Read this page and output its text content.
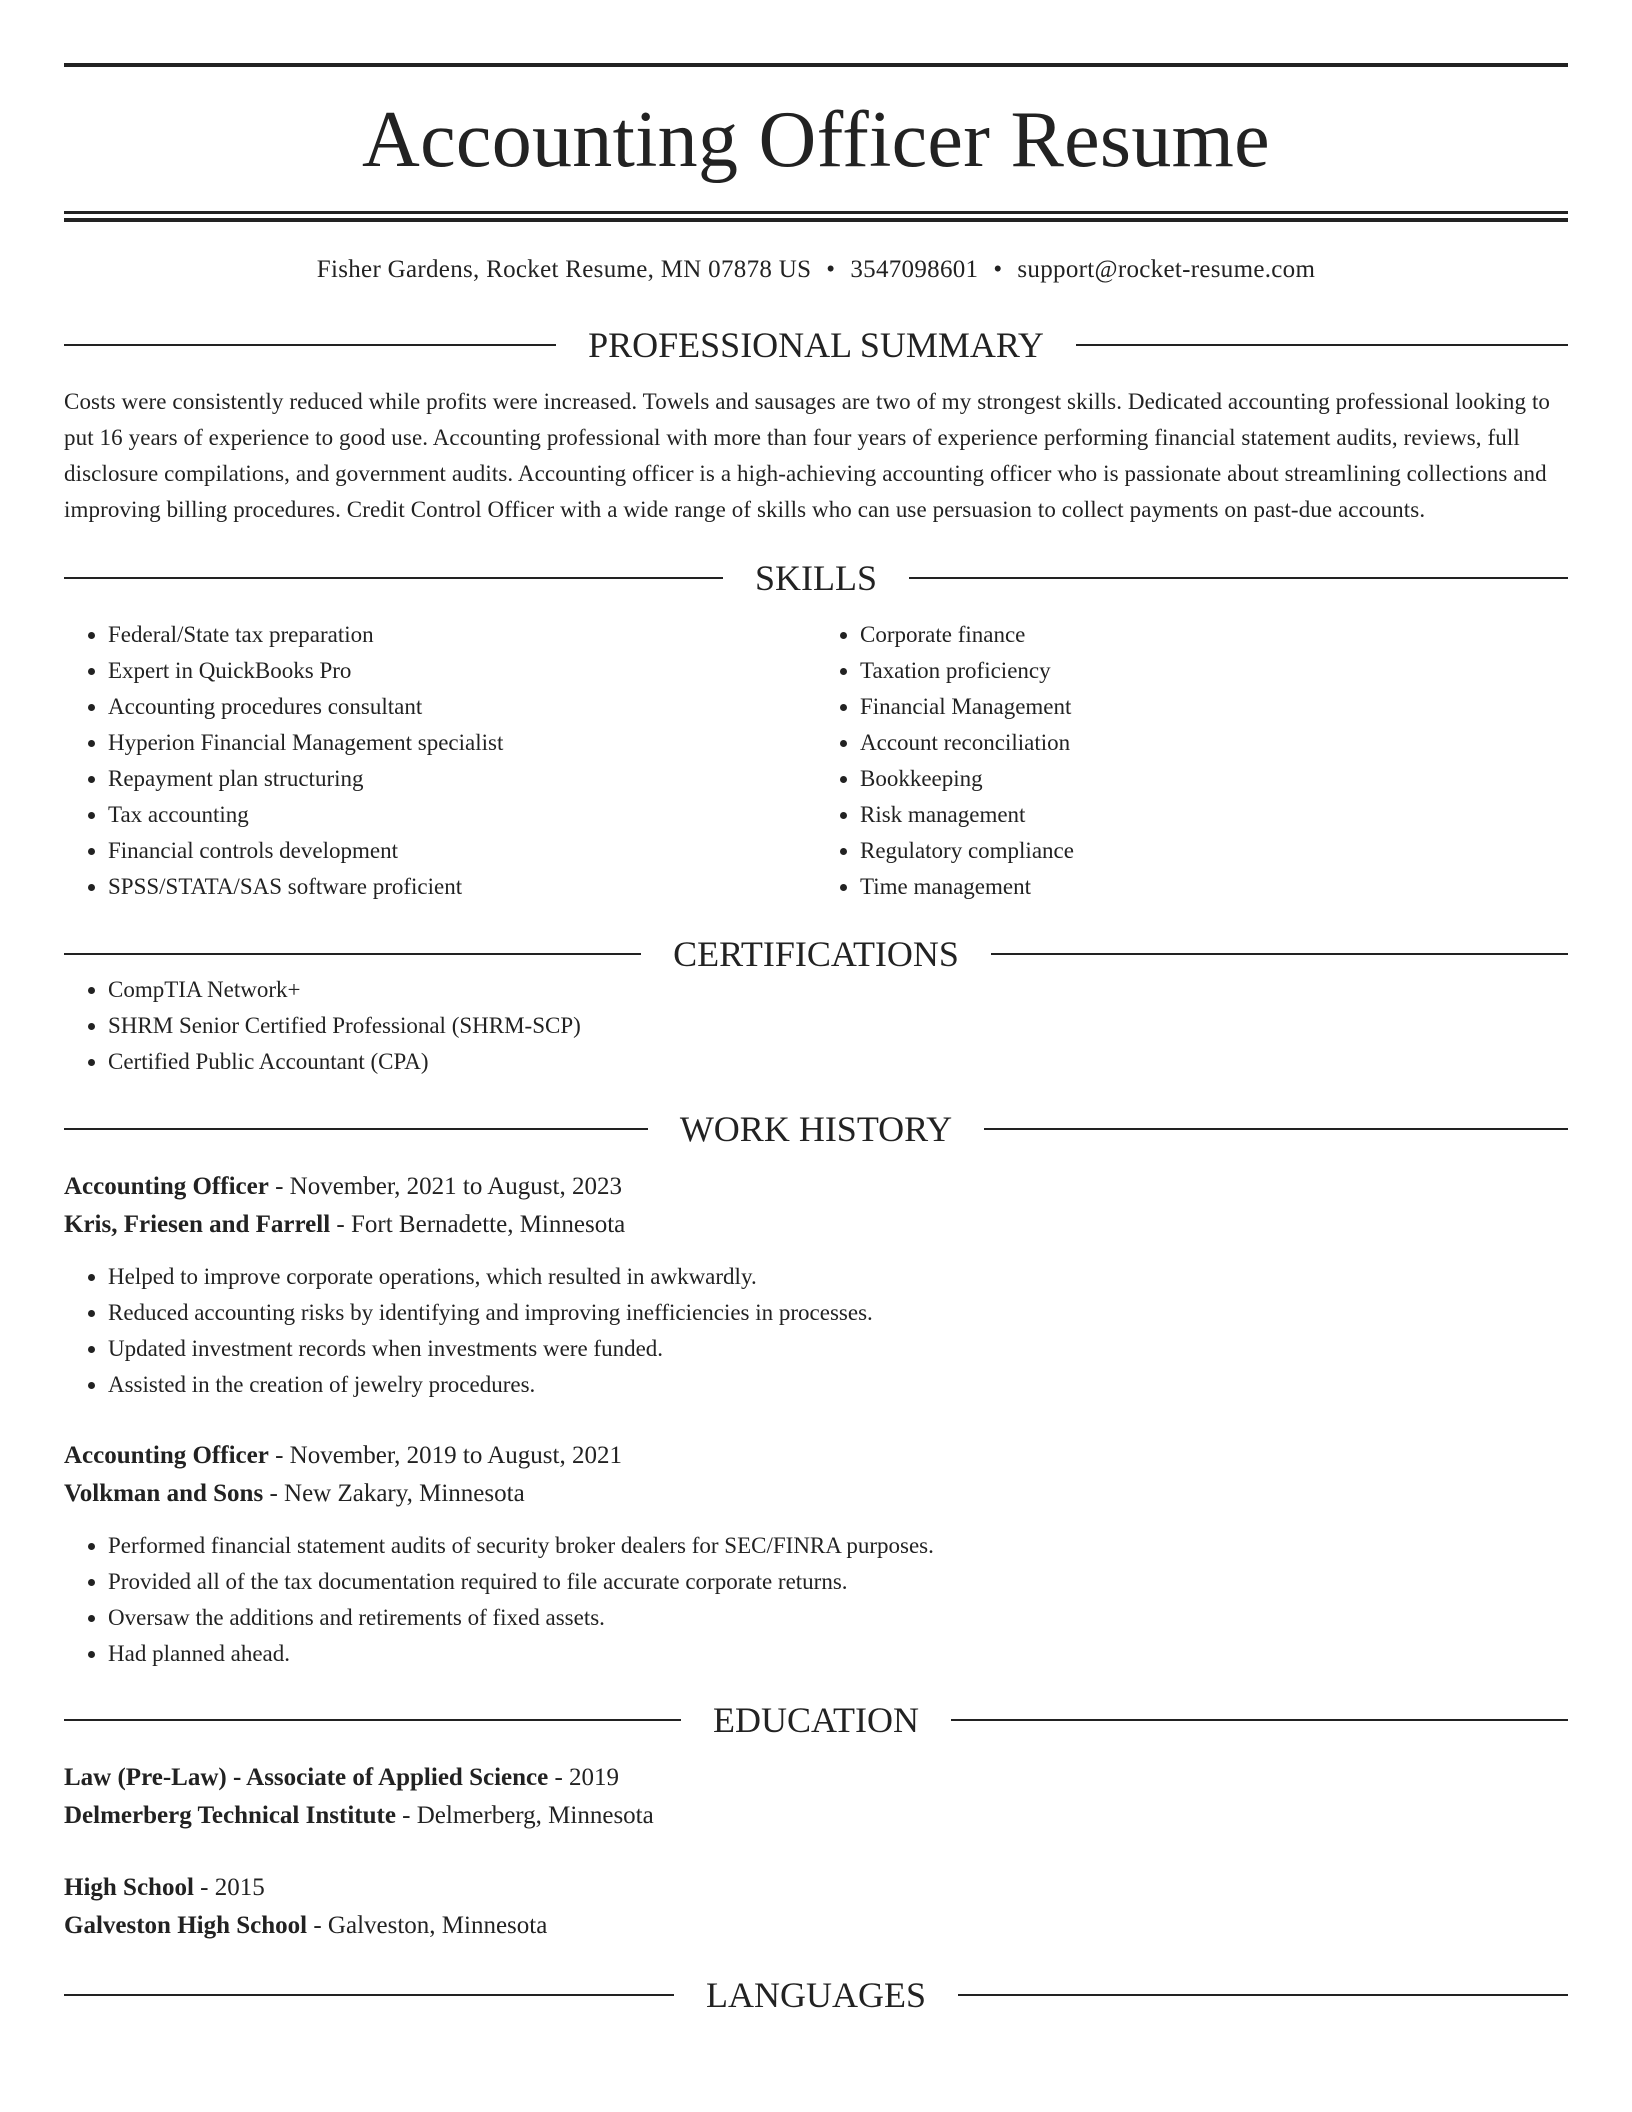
Accounting Officer Resume
Fisher Gardens, Rocket Resume, MN 07878 US • 3547098601 • support@rocket-resume.com
PROFESSIONAL SUMMARY
Costs were consistently reduced while profits were increased. Towels and sausages are two of my strongest skills. Dedicated accounting professional looking to put 16 years of experience to good use. Accounting professional with more than four years of experience performing financial statement audits, reviews, full disclosure compilations, and government audits. Accounting officer is a high-achieving accounting officer who is passionate about streamlining collections and improving billing procedures. Credit Control Officer with a wide range of skills who can use persuasion to collect payments on past-due accounts.
SKILLS
• Federal/State tax preparation
• Expert in QuickBooks Pro
• Accounting procedures consultant
• Hyperion Financial Management specialist
• Repayment plan structuring
• Tax accounting
• Financial controls development
• SPSS/STATA/SAS software proficient
• Corporate finance
• Taxation proficiency
• Financial Management
• Account reconciliation
• Bookkeeping
• Risk management
• Regulatory compliance
• Time management
CERTIFICATIONS
• CompTIA Network+
• SHRM Senior Certified Professional (SHRM-SCP)
• Certified Public Accountant (CPA)
WORK HISTORY
Accounting Officer - November, 2021 to August, 2023
Kris, Friesen and Farrell - Fort Bernadette, Minnesota
• Helped to improve corporate operations, which resulted in awkwardly.
• Reduced accounting risks by identifying and improving inefficiencies in processes.
• Updated investment records when investments were funded.
• Assisted in the creation of jewelry procedures.
Accounting Officer - November, 2019 to August, 2021
Volkman and Sons - New Zakary, Minnesota
• Performed financial statement audits of security broker dealers for SEC/FINRA purposes.
• Provided all of the tax documentation required to file accurate corporate returns.
• Oversaw the additions and retirements of fixed assets.
• Had planned ahead.
EDUCATION
Law (Pre-Law) - Associate of Applied Science - 2019
Delmerberg Technical Institute - Delmerberg, Minnesota
High School - 2015
Galveston High School - Galveston, Minnesota
LANGUAGES
